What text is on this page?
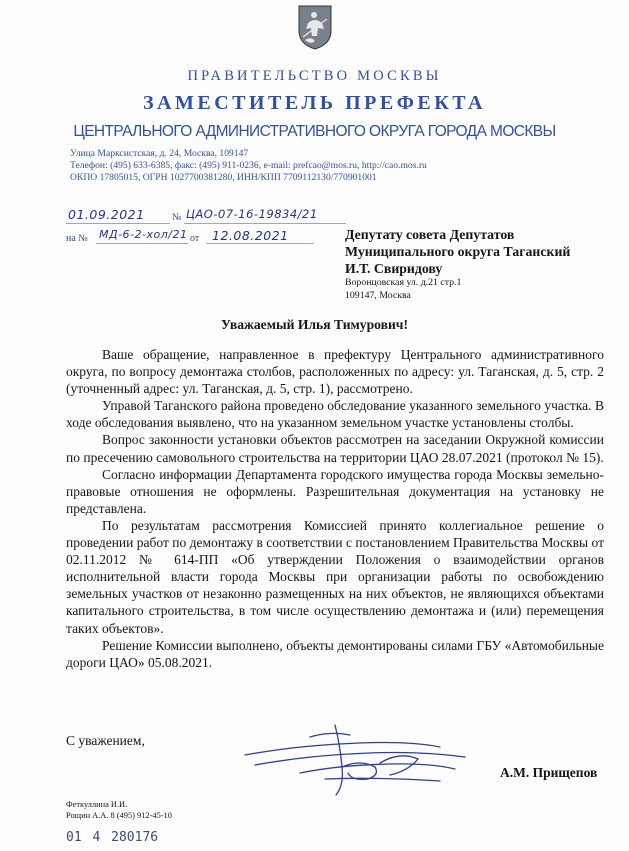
ПРАВИТЕЛЬСТВО МОСКВЫ
ЗАМЕСТИТЕЛЬ ПРЕФЕКТА
ЦЕНТРАЛЬНОГО АДМИНИСТРАТИВНОГО ОКРУГА ГОРОДА МОСКВЫ
Улица Марксистская, д. 24, Москва, 109147
Телефон: (495) 633-6385, факс: (495) 911-0236, e-mail: prefcao@mos.ru, http://cao.mos.ru
ОКПО 17805015, ОГРН 1027700381280, ИНН/КПП 7709112130/770901001
01.09.2021	№ ЦАО-07-16-19834/21
на № МД-6-2-хол/21 от 12.08.2021	Депутату совета Депутатов
Муниципального округа Таганский
И.Т. Свиридову
Воронцовская ул. д.21 стр.1
109147, Москва
Уважаемый Илья Тимурович!

Ваше обращение, направленное в префектуру Центрального административного округа, по вопросу демонтажа столбов, расположенных по адресу: ул. Таганская, д. 5, стр. 2 (уточненный адрес: ул. Таганская, д. 5, стр. 1), рассмотрено.

Управой Таганского района проведено обследование указанного земельного участка. В ходе обследования выявлено, что на указанном земельном участке установлены столбы.

Вопрос законности установки объектов рассмотрен на заседании Окружной комиссии по пресечению самовольного строительства на территории ЦАО 28.07.2021 (протокол № 15).

Согласно информации Департамента городского имущества города Москвы земельно-правовые отношения не оформлены. Разрешительная документация на установку не представлена.

По результатам рассмотрения Комиссией принято коллегиальное решение о проведении работ по демонтажу в соответствии с постановлением Правительства Москвы от 02.11.2012 № 614-ПП «Об утверждении Положения о взаимодействии органов исполнительной власти города Москвы при организации работы по освобождению земельных участков от незаконно размещенных на них объектов, не являющихся объектами капитального строительства, в том числе осуществлению демонтажа и (или) перемещения таких объектов».

Решение Комиссии выполнено, объекты демонтированы силами ГБУ «Автомобильные дороги ЦАО» 05.08.2021.

С уважением,
А.М. Прищепов
Феткуллина И.И.
Рощин А.А. 8 (495) 912-45-10
01 4 280176
